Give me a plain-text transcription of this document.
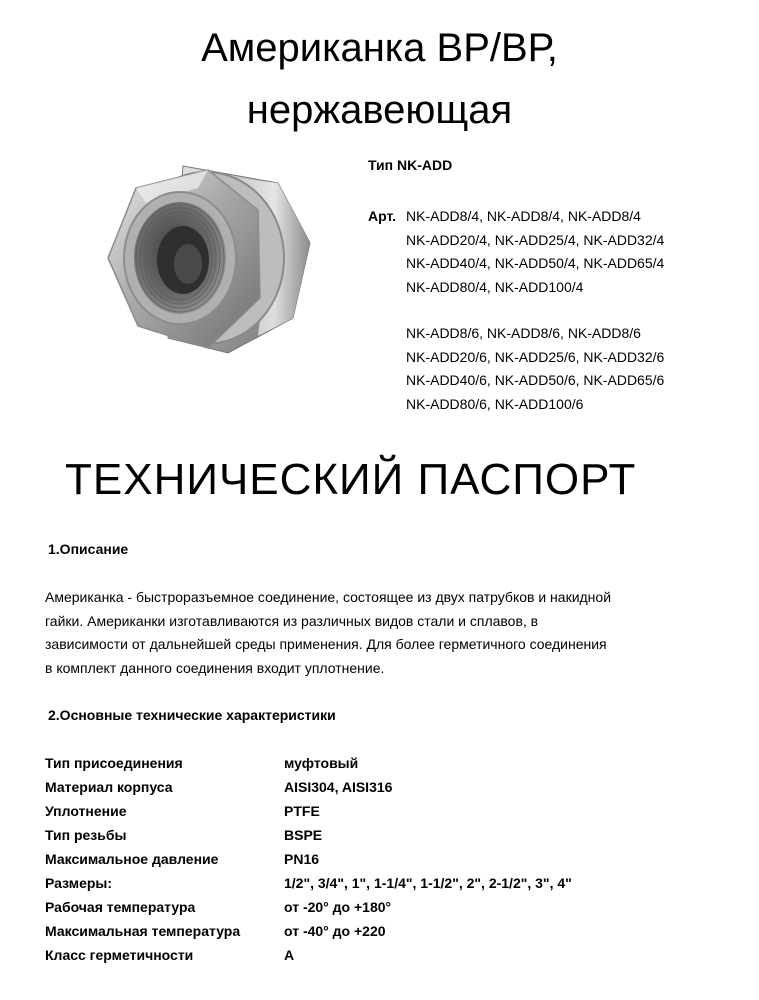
Американка ВР/ВР,
нержавеющая
Тип NK-ADD
Арт. NK-ADD8/4, NK-ADD8/4, NK-ADD8/4
NK-ADD20/4, NK-ADD25/4, NK-ADD32/4
NK-ADD40/4, NK-ADD50/4, NK-ADD65/4
NK-ADD80/4, NK-ADD100/4
NK-ADD8/6, NK-ADD8/6, NK-ADD8/6
NK-ADD20/6, NK-ADD25/6, NK-ADD32/6
NK-ADD40/6, NK-ADD50/6, NK-ADD65/6
NK-ADD80/6, NK-ADD100/6
ТЕХНИЧЕСКИЙ ПАСПОРТ
1.Описание
Американка - быстроразъемное соединение, состоящее из двух патрубков и накидной
гайки. Американки изготавливаются из различных видов стали и сплавов, в
зависимости от дальнейшей среды применения. Для более герметичного соединения
в комплект данного соединения входит уплотнение.
2.Основные технические характеристики
Тип присоединения	муфтовый
Материал корпуса	AISI304, AISI316
Уплотнение	PTFE
Тип резьбы	BSPE
Максимальное давление	PN16
Размеры:	1/2", 3/4", 1", 1-1/4", 1-1/2", 2", 2-1/2", 3", 4"
Рабочая температура	от -20° до +180°
Максимальная температура	от -40° до +220
Класс герметичности	А
